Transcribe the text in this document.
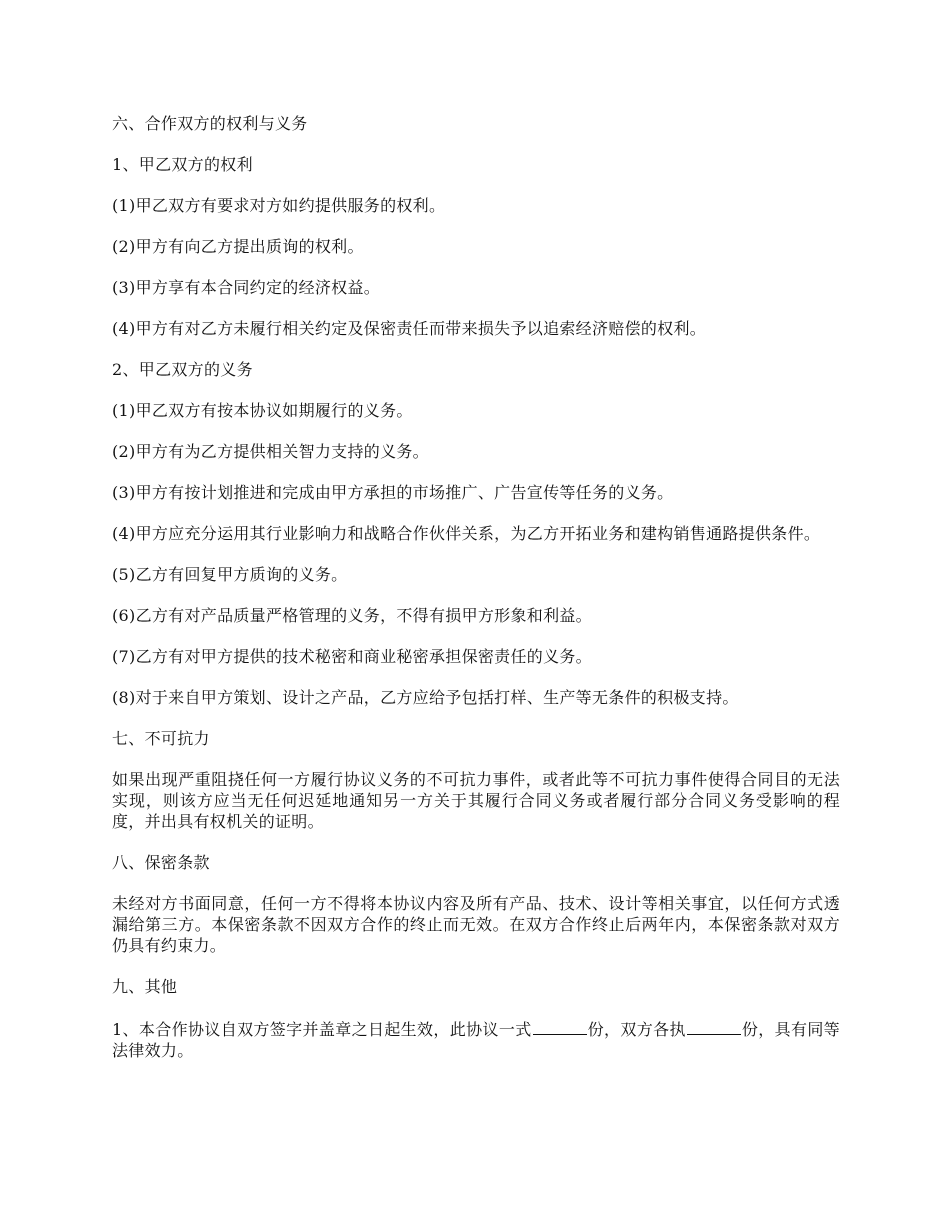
六、合作双方的权利与义务

1、甲乙双方的权利

(1)甲乙双方有要求对方如约提供服务的权利。

(2)甲方有向乙方提出质询的权利。

(3)甲方享有本合同约定的经济权益。

(4)甲方有对乙方未履行相关约定及保密责任而带来损失予以追索经济赔偿的权利。

2、甲乙双方的义务

(1)甲乙双方有按本协议如期履行的义务。

(2)甲方有为乙方提供相关智力支持的义务。

(3)甲方有按计划推进和完成由甲方承担的市场推广、广告宣传等任务的义务。

(4)甲方应充分运用其行业影响力和战略合作伙伴关系，为乙方开拓业务和建构销售通路提供条件。

(5)乙方有回复甲方质询的义务。

(6)乙方有对产品质量严格管理的义务，不得有损甲方形象和利益。

(7)乙方有对甲方提供的技术秘密和商业秘密承担保密责任的义务。

(8)对于来自甲方策划、设计之产品，乙方应给予包括打样、生产等无条件的积极支持。

七、不可抗力

如果出现严重阻挠任何一方履行协议义务的不可抗力事件，或者此等不可抗力事件使得合同目的无法实现，则该方应当无任何迟延地通知另一方关于其履行合同义务或者履行部分合同义务受影响的程度，并出具有权机关的证明。

八、保密条款

未经对方书面同意，任何一方不得将本协议内容及所有产品、技术、设计等相关事宜，以任何方式透漏给第三方。本保密条款不因双方合作的终止而无效。在双方合作终止后两年内，本保密条款对双方仍具有约束力。

九、其他

1、本合作协议自双方签字并盖章之日起生效，此协议一式	份，双方各执	份，具有同等法律效力。
